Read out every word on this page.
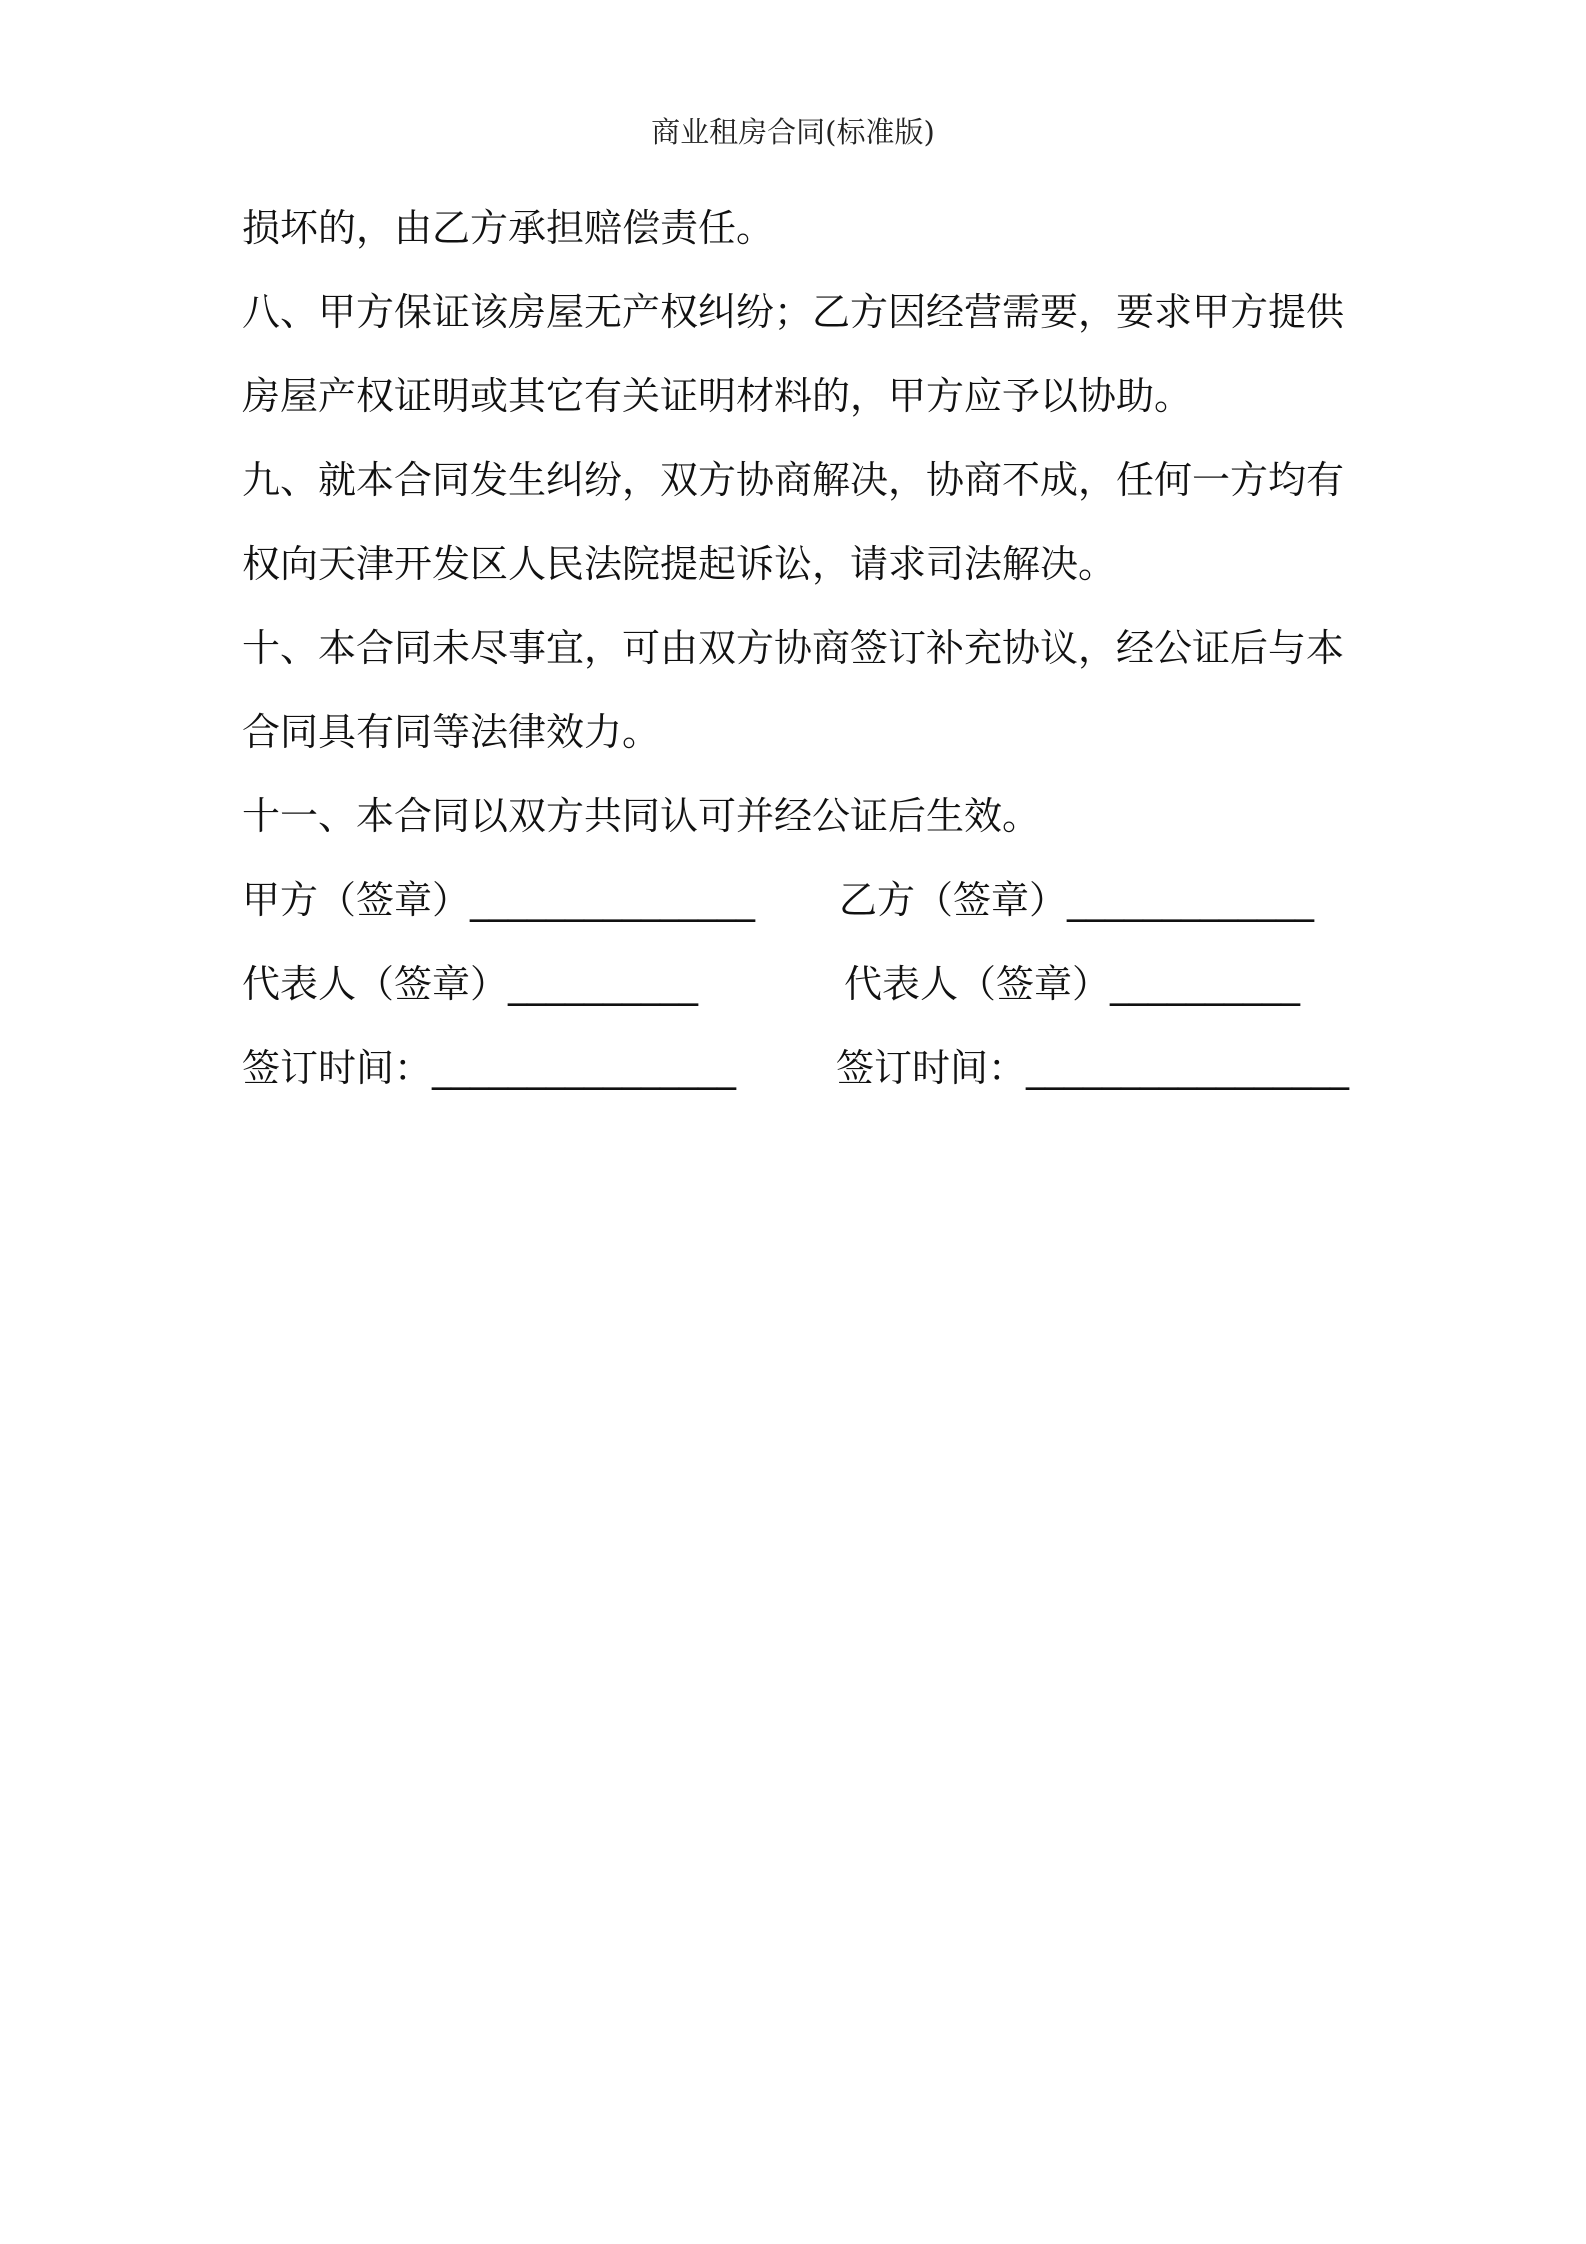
商业租房合同(标准版)

损坏的，由乙方承担赔偿责任。

八、甲方保证该房屋无产权纠纷；乙方因经营需要，要求甲方提供房屋产权证明或其它有关证明材料的，甲方应予以协助。

九、就本合同发生纠纷，双方协商解决，协商不成，任何一方均有权向天津开发区人民法院提起诉讼，请求司法解决。

十、本合同未尽事宜，可由双方协商签订补充协议，经公证后与本合同具有同等法律效力。

十一、本合同以双方共同认可并经公证后生效。

甲方（签章）_______________ 乙方（签章）_____________
代表人（签章）__________	代表人（签章）__________
签订时间：________________	签订时间：_________________
